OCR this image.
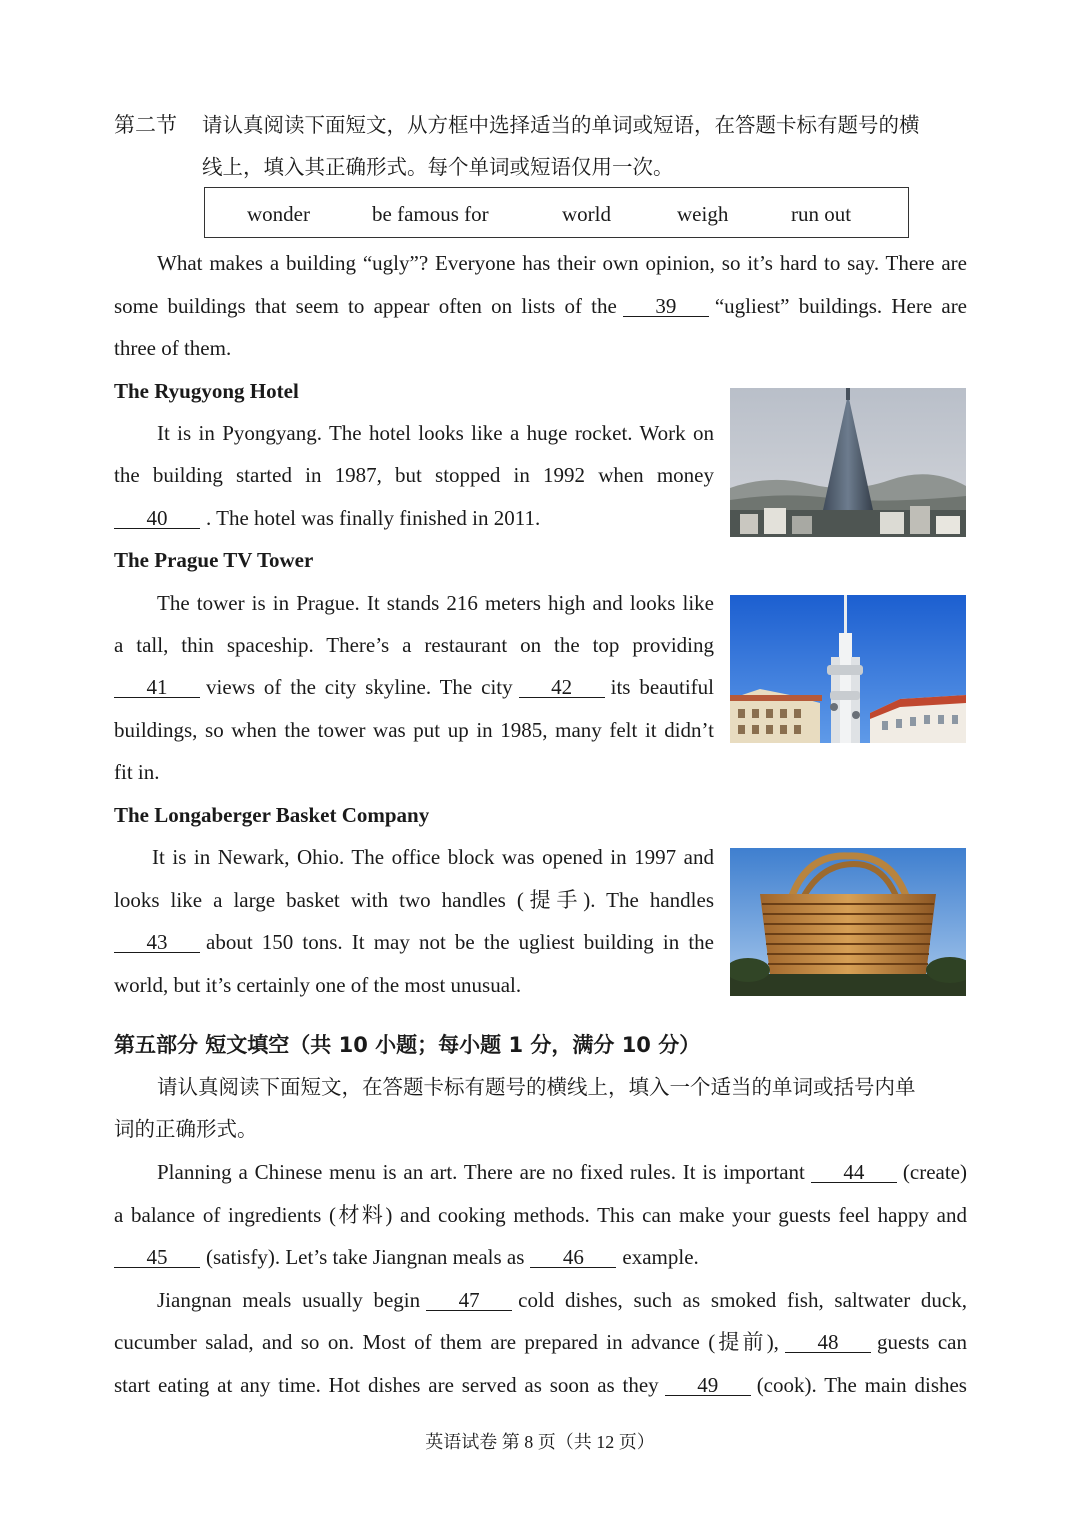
第二节 请认真阅读下面短文，从方框中选择适当的单词或短语，在答题卡标有题号的横
线上，填入其正确形式。每个单词或短语仅用一次。
wonder	be famous for	world	weigh	run out
What makes a building “ugly”? Everyone has their own opinion, so it’s hard to say. There are
some buildings that seem to appear often on lists of the 39 “ugliest” buildings. Here are
three of them.
The Ryugyong Hotel
It is in Pyongyang. The hotel looks like a huge rocket. Work on
the building started in 1987, but stopped in 1992 when money
40 . The hotel was finally finished in 2011.
The Prague TV Tower
The tower is in Prague. It stands 216 meters high and looks like
a tall, thin spaceship. There’s a restaurant on the top providing
41 views of the city skyline. The city 42 its beautiful
buildings, so when the tower was put up in 1985, many felt it didn’t
fit in.
The Longaberger Basket Company
It is in Newark, Ohio. The office block was opened in 1997 and
looks like a large basket with two handles (提手). The handles
43 about 150 tons. It may not be the ugliest building in the
world, but it’s certainly one of the most unusual.
第五部分 短文填空（共 10 小题；每小题 1 分，满分 10 分）
请认真阅读下面短文，在答题卡标有题号的横线上，填入一个适当的单词或括号内单
词的正确形式。
Planning a Chinese menu is an art. There are no fixed rules. It is important 44 (create)
a balance of ingredients (材料) and cooking methods. This can make your guests feel happy and
45 (satisfy). Let’s take Jiangnan meals as 46 example.
Jiangnan meals usually begin 47 cold dishes, such as smoked fish, saltwater duck,
cucumber salad, and so on. Most of them are prepared in advance (提前), 48 guests can
start eating at any time. Hot dishes are served as soon as they 49 (cook). The main dishes
英语试卷 第 8 页（共 12 页）
